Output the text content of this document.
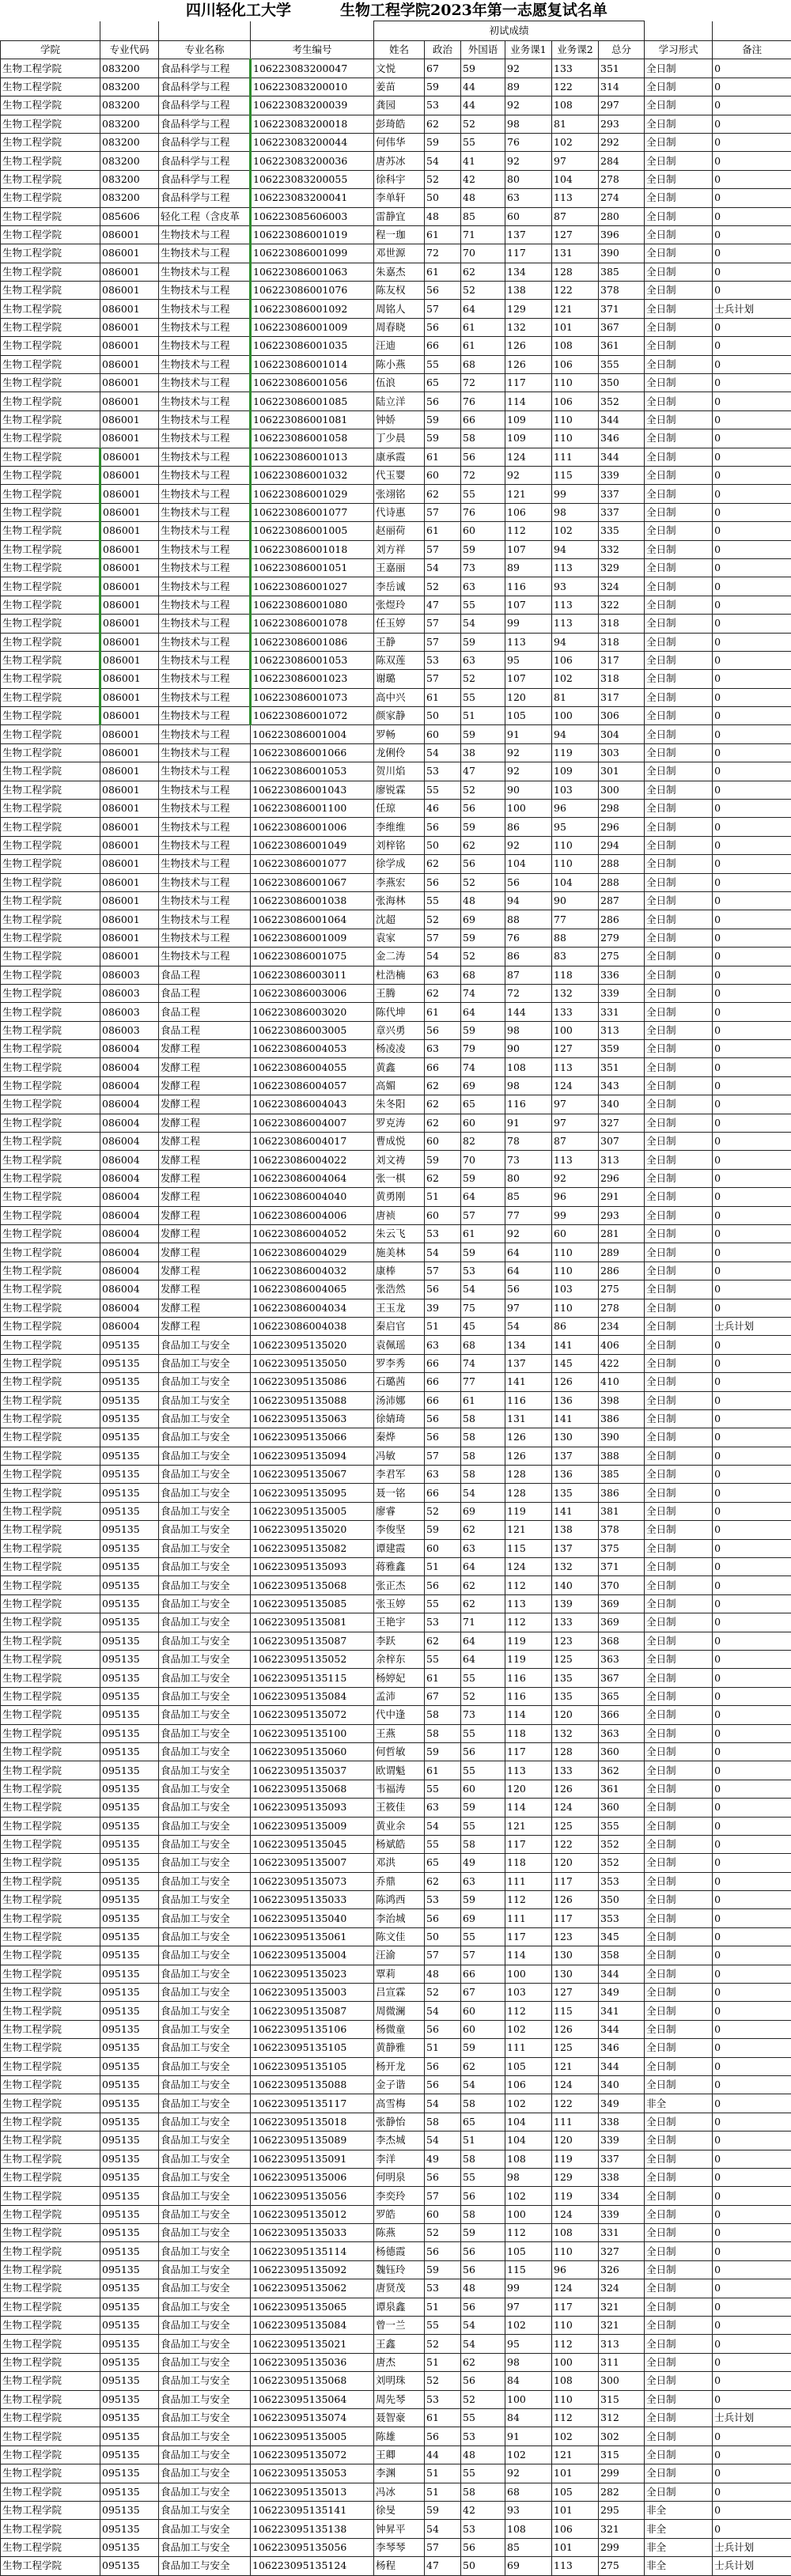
四川轻化工大学	生物工程学院2023年第一志愿复试名单
				初试成绩							
学院	专业代码	专业名称	考生编号	姓名	政治	外国语	业务课1	业务课2	总分	学习形式	备注
生物工程学院	083200	食品科学与工程	106223083200047	文悦	67	59	92	133	351	全日制	0
生物工程学院	083200	食品科学与工程	106223083200010	姜苗	59	44	89	122	314	全日制	0
生物工程学院	083200	食品科学与工程	106223083200039	龚园	53	44	92	108	297	全日制	0
生物工程学院	083200	食品科学与工程	106223083200018	彭琦皓	62	52	98	81	293	全日制	0
生物工程学院	083200	食品科学与工程	106223083200044	何伟华	59	55	76	102	292	全日制	0
生物工程学院	083200	食品科学与工程	106223083200036	唐苏冰	54	41	92	97	284	全日制	0
生物工程学院	083200	食品科学与工程	106223083200055	徐科宇	52	42	80	104	278	全日制	0
生物工程学院	083200	食品科学与工程	106223083200041	李单轩	50	48	63	113	274	全日制	0
生物工程学院	085606	轻化工程（含皮革	106223085606003	雷静宜	48	85	60	87	280	全日制	0
生物工程学院	086001	生物技术与工程	106223086001019	程一珈	61	71	137	127	396	全日制	0
生物工程学院	086001	生物技术与工程	106223086001099	邓世源	72	70	117	131	390	全日制	0
生物工程学院	086001	生物技术与工程	106223086001063	朱嘉杰	61	62	134	128	385	全日制	0
生物工程学院	086001	生物技术与工程	106223086001076	陈友权	56	52	138	122	378	全日制	0
生物工程学院	086001	生物技术与工程	106223086001092	周铭人	57	64	129	121	371	全日制	士兵计划
生物工程学院	086001	生物技术与工程	106223086001009	周春晓	56	61	132	101	367	全日制	0
生物工程学院	086001	生物技术与工程	106223086001035	汪迪	66	61	126	108	361	全日制	0
生物工程学院	086001	生物技术与工程	106223086001014	陈小燕	55	68	126	106	355	全日制	0
生物工程学院	086001	生物技术与工程	106223086001056	伍浪	65	72	117	110	350	全日制	0
生物工程学院	086001	生物技术与工程	106223086001085	陆立洋	56	76	114	106	352	全日制	0
生物工程学院	086001	生物技术与工程	106223086001081	钟娇	59	66	109	110	344	全日制	0
生物工程学院	086001	生物技术与工程	106223086001058	丁少晨	59	58	109	110	346	全日制	0
生物工程学院	086001	生物技术与工程	106223086001013	康承霞	61	56	124	111	344	全日制	0
生物工程学院	086001	生物技术与工程	106223086001032	代玉婴	60	72	92	115	339	全日制	0
生物工程学院	086001	生物技术与工程	106223086001029	张翊铭	62	55	121	99	337	全日制	0
生物工程学院	086001	生物技术与工程	106223086001077	代诗惠	57	76	106	98	337	全日制	0
生物工程学院	086001	生物技术与工程	106223086001005	赵丽荷	61	60	112	102	335	全日制	0
生物工程学院	086001	生物技术与工程	106223086001018	刘方祥	57	59	107	94	332	全日制	0
生物工程学院	086001	生物技术与工程	106223086001051	王嘉丽	54	73	89	113	329	全日制	0
生物工程学院	086001	生物技术与工程	106223086001027	李岳诚	52	63	116	93	324	全日制	0
生物工程学院	086001	生物技术与工程	106223086001080	张煜玲	47	55	107	113	322	全日制	0
生物工程学院	086001	生物技术与工程	106223086001078	任玉婷	57	54	99	113	318	全日制	0
生物工程学院	086001	生物技术与工程	106223086001086	王静	57	59	113	94	318	全日制	0
生物工程学院	086001	生物技术与工程	106223086001053	陈双莲	53	63	95	106	317	全日制	0
生物工程学院	086001	生物技术与工程	106223086001023	谢璐	57	52	107	102	318	全日制	0
生物工程学院	086001	生物技术与工程	106223086001073	高中兴	61	55	120	81	317	全日制	0
生物工程学院	086001	生物技术与工程	106223086001072	颜家静	50	51	105	100	306	全日制	0
生物工程学院	086001	生物技术与工程	106223086001004	罗畅	60	59	91	94	304	全日制	0
生物工程学院	086001	生物技术与工程	106223086001066	龙俐伶	54	38	92	119	303	全日制	0
生物工程学院	086001	生物技术与工程	106223086001053	贺川焰	53	47	92	109	301	全日制	0
生物工程学院	086001	生物技术与工程	106223086001043	廖锐霖	55	52	90	103	300	全日制	0
生物工程学院	086001	生物技术与工程	106223086001100	任琼	46	56	100	96	298	全日制	0
生物工程学院	086001	生物技术与工程	106223086001006	李维维	56	59	86	95	296	全日制	0
生物工程学院	086001	生物技术与工程	106223086001049	刘梓铭	50	62	92	110	294	全日制	0
生物工程学院	086001	生物技术与工程	106223086001077	徐学成	62	56	104	110	288	全日制	0
生物工程学院	086001	生物技术与工程	106223086001067	李燕宏	56	52	56	104	288	全日制	0
生物工程学院	086001	生物技术与工程	106223086001038	张海林	55	48	94	90	287	全日制	0
生物工程学院	086001	生物技术与工程	106223086001064	沈超	52	69	88	77	286	全日制	0
生物工程学院	086001	生物技术与工程	106223086001009	袁家	57	59	76	88	279	全日制	0
生物工程学院	086001	生物技术与工程	106223086001075	金二涛	54	52	86	83	275	全日制	0
生物工程学院	086003	食品工程	106223086003011	杜浩楠	63	68	87	118	336	全日制	0
生物工程学院	086003	食品工程	106223086003006	王腾	62	74	72	132	339	全日制	0
生物工程学院	086003	食品工程	106223086003020	陈代坤	61	64	144	133	331	全日制	0
生物工程学院	086003	食品工程	106223086003005	章兴勇	56	59	98	100	313	全日制	0
生物工程学院	086004	发酵工程	106223086004053	杨凌凌	63	79	90	127	359	全日制	0
生物工程学院	086004	发酵工程	106223086004055	黄鑫	66	74	108	113	351	全日制	0
生物工程学院	086004	发酵工程	106223086004057	高媚	62	69	98	124	343	全日制	0
生物工程学院	086004	发酵工程	106223086004043	朱冬阳	62	65	116	97	340	全日制	0
生物工程学院	086004	发酵工程	106223086004007	罗克涛	62	60	91	97	327	全日制	0
生物工程学院	086004	发酵工程	106223086004017	曹成悦	60	82	78	87	307	全日制	0
生物工程学院	086004	发酵工程	106223086004022	刘文祷	59	70	73	113	313	全日制	0
生物工程学院	086004	发酵工程	106223086004064	张一棋	62	59	80	92	296	全日制	0
生物工程学院	086004	发酵工程	106223086004040	黄勇刚	51	64	85	96	291	全日制	0
生物工程学院	086004	发酵工程	106223086004006	唐祯	60	57	77	99	293	全日制	0
生物工程学院	086004	发酵工程	106223086004052	朱云飞	53	61	92	60	281	全日制	0
生物工程学院	086004	发酵工程	106223086004029	施美林	54	59	64	110	289	全日制	0
生物工程学院	086004	发酵工程	106223086004032	康棒	57	53	64	110	286	全日制	0
生物工程学院	086004	发酵工程	106223086004065	张浩然	56	54	56	103	275	全日制	0
生物工程学院	086004	发酵工程	106223086004034	王玉龙	39	75	97	110	278	全日制	0
生物工程学院	086004	发酵工程	106223086004038	秦启官	51	45	54	86	234	全日制	士兵计划
生物工程学院	095135	食品加工与安全	106223095135020	袁佩瑶	63	68	134	141	406	全日制	0
生物工程学院	095135	食品加工与安全	106223095135050	罗李秀	66	74	137	145	422	全日制	0
生物工程学院	095135	食品加工与安全	106223095135086	石璐茜	66	77	141	126	410	全日制	0
生物工程学院	095135	食品加工与安全	106223095135088	汤沛娜	66	61	116	136	398	全日制	0
生物工程学院	095135	食品加工与安全	106223095135063	徐婧琦	56	58	131	141	386	全日制	0
生物工程学院	095135	食品加工与安全	106223095135066	秦烨	56	58	126	130	390	全日制	0
生物工程学院	095135	食品加工与安全	106223095135094	冯敏	57	58	126	137	388	全日制	0
生物工程学院	095135	食品加工与安全	106223095135067	李君军	63	58	128	136	385	全日制	0
生物工程学院	095135	食品加工与安全	106223095135095	聂一铭	66	54	128	135	386	全日制	0
生物工程学院	095135	食品加工与安全	106223095135005	廖睿	52	69	119	141	381	全日制	0
生物工程学院	095135	食品加工与安全	106223095135020	李俊坚	59	62	121	138	378	全日制	0
生物工程学院	095135	食品加工与安全	106223095135082	谭建霞	60	63	115	137	375	全日制	0
生物工程学院	095135	食品加工与安全	106223095135093	蒋雅鑫	51	64	124	132	371	全日制	0
生物工程学院	095135	食品加工与安全	106223095135068	张正杰	56	62	112	140	370	全日制	0
生物工程学院	095135	食品加工与安全	106223095135085	张玉婷	55	62	113	139	369	全日制	0
生物工程学院	095135	食品加工与安全	106223095135081	王艳宇	53	71	112	133	369	全日制	0
生物工程学院	095135	食品加工与安全	106223095135087	李跃	62	64	119	123	368	全日制	0
生物工程学院	095135	食品加工与安全	106223095135052	余梓东	55	64	119	125	363	全日制	0
生物工程学院	095135	食品加工与安全	106223095135115	杨婷妃	61	55	116	135	367	全日制	0
生物工程学院	095135	食品加工与安全	106223095135084	孟沛	67	52	116	135	365	全日制	0
生物工程学院	095135	食品加工与安全	106223095135072	代中逢	58	73	114	120	366	全日制	0
生物工程学院	095135	食品加工与安全	106223095135100	王燕	58	55	118	132	363	全日制	0
生物工程学院	095135	食品加工与安全	106223095135060	何哲敏	59	56	117	128	360	全日制	0
生物工程学院	095135	食品加工与安全	106223095135037	欧谓魁	61	55	113	133	362	全日制	0
生物工程学院	095135	食品加工与安全	106223095135068	韦福涛	55	60	120	126	361	全日制	0
生物工程学院	095135	食品加工与安全	106223095135093	王筱佳	63	59	114	124	360	全日制	0
生物工程学院	095135	食品加工与安全	106223095135009	黄业余	54	55	121	125	355	全日制	0
生物工程学院	095135	食品加工与安全	106223095135045	杨斌皓	55	58	117	122	352	全日制	0
生物工程学院	095135	食品加工与安全	106223095135007	邓洪	65	49	118	120	352	全日制	0
生物工程学院	095135	食品加工与安全	106223095135073	乔鼎	62	63	111	117	353	全日制	0
生物工程学院	095135	食品加工与安全	106223095135033	陈鸿西	53	59	112	126	350	全日制	0
生物工程学院	095135	食品加工与安全	106223095135040	李治城	56	69	111	117	353	全日制	0
生物工程学院	095135	食品加工与安全	106223095135061	陈文佳	50	55	117	123	345	全日制	0
生物工程学院	095135	食品加工与安全	106223095135004	汪渝	57	57	114	130	358	全日制	0
生物工程学院	095135	食品加工与安全	106223095135023	覃莉	48	66	100	130	344	全日制	0
生物工程学院	095135	食品加工与安全	106223095135003	吕宣霖	52	67	103	127	349	全日制	0
生物工程学院	095135	食品加工与安全	106223095135087	周微澜	54	60	112	115	341	全日制	0
生物工程学院	095135	食品加工与安全	106223095135106	杨微童	56	60	102	126	344	全日制	0
生物工程学院	095135	食品加工与安全	106223095135105	黄静雅	51	59	111	125	346	全日制	0
生物工程学院	095135	食品加工与安全	106223095135105	杨开龙	56	62	105	121	344	全日制	0
生物工程学院	095135	食品加工与安全	106223095135088	金子谐	56	54	106	124	340	全日制	0
生物工程学院	095135	食品加工与安全	106223095135117	高雪梅	54	58	102	122	349	非全	0
生物工程学院	095135	食品加工与安全	106223095135018	张静怡	58	65	104	111	338	全日制	0
生物工程学院	095135	食品加工与安全	106223095135089	李杰城	54	51	104	120	339	全日制	0
生物工程学院	095135	食品加工与安全	106223095135091	李洋	49	58	108	119	337	全日制	0
生物工程学院	095135	食品加工与安全	106223095135006	何明泉	56	55	98	129	338	全日制	0
生物工程学院	095135	食品加工与安全	106223095135056	李奕玲	57	56	102	119	334	全日制	0
生物工程学院	095135	食品加工与安全	106223095135012	罗皓	60	58	100	124	339	全日制	0
生物工程学院	095135	食品加工与安全	106223095135033	陈燕	52	59	112	108	331	全日制	0
生物工程学院	095135	食品加工与安全	106223095135114	杨德霞	56	56	105	110	327	全日制	0
生物工程学院	095135	食品加工与安全	106223095135092	魏钰玲	59	56	115	96	326	全日制	0
生物工程学院	095135	食品加工与安全	106223095135062	唐贤茂	53	48	99	124	324	全日制	0
生物工程学院	095135	食品加工与安全	106223095135065	谭泉鑫	51	56	97	117	321	全日制	0
生物工程学院	095135	食品加工与安全	106223095135084	曾一兰	55	54	102	110	321	全日制	0
生物工程学院	095135	食品加工与安全	106223095135021	王鑫	52	54	95	112	313	全日制	0
生物工程学院	095135	食品加工与安全	106223095135036	唐杰	51	62	98	100	311	全日制	0
生物工程学院	095135	食品加工与安全	106223095135068	刘明珠	52	56	84	108	300	全日制	0
生物工程学院	095135	食品加工与安全	106223095135064	周先琴	53	52	100	110	315	全日制	0
生物工程学院	095135	食品加工与安全	106223095135074	聂智豪	61	55	84	112	312	全日制	士兵计划
生物工程学院	095135	食品加工与安全	106223095135005	陈雄	56	53	91	102	302	全日制	0
生物工程学院	095135	食品加工与安全	106223095135072	王卿	44	48	102	121	315	全日制	0
生物工程学院	095135	食品加工与安全	106223095135053	李渊	51	55	92	101	299	全日制	0
生物工程学院	095135	食品加工与安全	106223095135013	冯冰	51	58	68	105	282	全日制	0
生物工程学院	095135	食品加工与安全	106223095135141	徐旻	59	42	93	101	295	非全	0
生物工程学院	095135	食品加工与安全	106223095135138	钟昇平	54	53	108	106	321	非全	0
生物工程学院	095135	食品加工与安全	106223095135056	李琴琴	57	56	85	101	299	非全	士兵计划
生物工程学院	095135	食品加工与安全	106223095135124	杨程	47	50	69	113	275	非全	士兵计划
